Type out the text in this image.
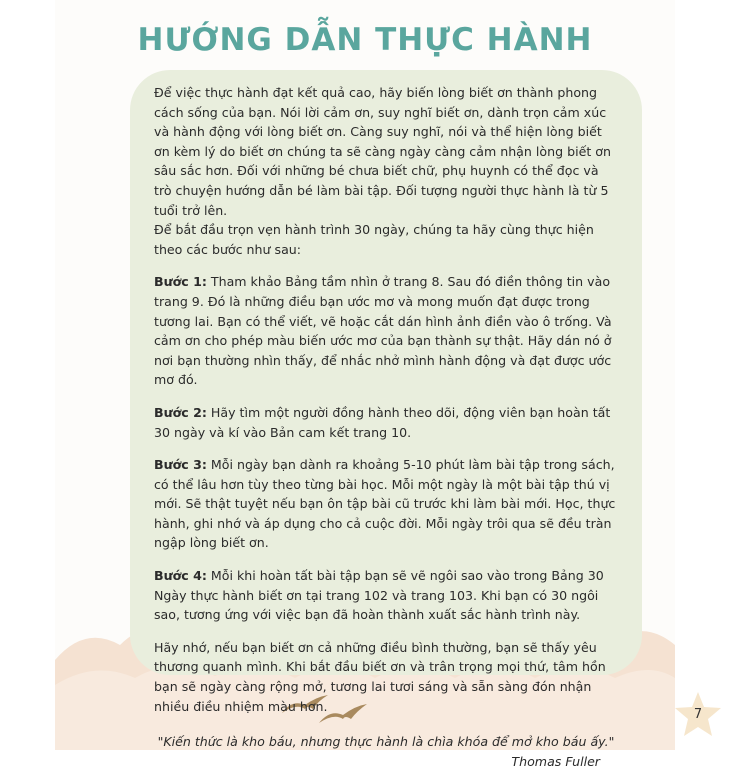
HƯỚNG DẪN THỰC HÀNH

Để việc thực hành đạt kết quả cao, hãy biến lòng biết ơn thành phong cách sống của bạn. Nói lời cảm ơn, suy nghĩ biết ơn, dành trọn cảm xúc và hành động với lòng biết ơn. Càng suy nghĩ, nói và thể hiện lòng biết ơn kèm lý do biết ơn chúng ta sẽ càng ngày càng cảm nhận lòng biết ơn sâu sắc hơn. Đối với những bé chưa biết chữ, phụ huynh có thể đọc và trò chuyện hướng dẫn bé làm bài tập. Đối tượng người thực hành là từ 5 tuổi trở lên.

Để bắt đầu trọn vẹn hành trình 30 ngày, chúng ta hãy cùng thực hiện theo các bước như sau:

Bước 1: Tham khảo Bảng tầm nhìn ở trang 8. Sau đó điền thông tin vào trang 9. Đó là những điều bạn ước mơ và mong muốn đạt được trong tương lai. Bạn có thể viết, vẽ hoặc cắt dán hình ảnh điền vào ô trống. Và cảm ơn cho phép màu biến ước mơ của bạn thành sự thật. Hãy dán nó ở nơi bạn thường nhìn thấy, để nhắc nhở mình hành động và đạt được ước mơ đó.

Bước 2: Hãy tìm một người đồng hành theo dõi, động viên bạn hoàn tất 30 ngày và kí vào Bản cam kết trang 10.

Bước 3: Mỗi ngày bạn dành ra khoảng 5-10 phút làm bài tập trong sách, có thể lâu hơn tùy theo từng bài học. Mỗi một ngày là một bài tập thú vị mới. Sẽ thật tuyệt nếu bạn ôn tập bài cũ trước khi làm bài mới. Học, thực hành, ghi nhớ và áp dụng cho cả cuộc đời. Mỗi ngày trôi qua sẽ đều tràn ngập lòng biết ơn.

Bước 4: Mỗi khi hoàn tất bài tập bạn sẽ vẽ ngôi sao vào trong Bảng 30 Ngày thực hành biết ơn tại trang 102 và trang 103. Khi bạn có 30 ngôi sao, tương ứng với việc bạn đã hoàn thành xuất sắc hành trình này.

Hãy nhớ, nếu bạn biết ơn cả những điều bình thường, bạn sẽ thấy yêu thương quanh mình. Khi bắt đầu biết ơn và trân trọng mọi thứ, tâm hồn bạn sẽ ngày càng rộng mở, tương lai tươi sáng và sẵn sàng đón nhận nhiều điều nhiệm màu hơn.

"Kiến thức là kho báu, nhưng thực hành là chìa khóa để mở kho báu ấy."

Thomas Fuller

7
